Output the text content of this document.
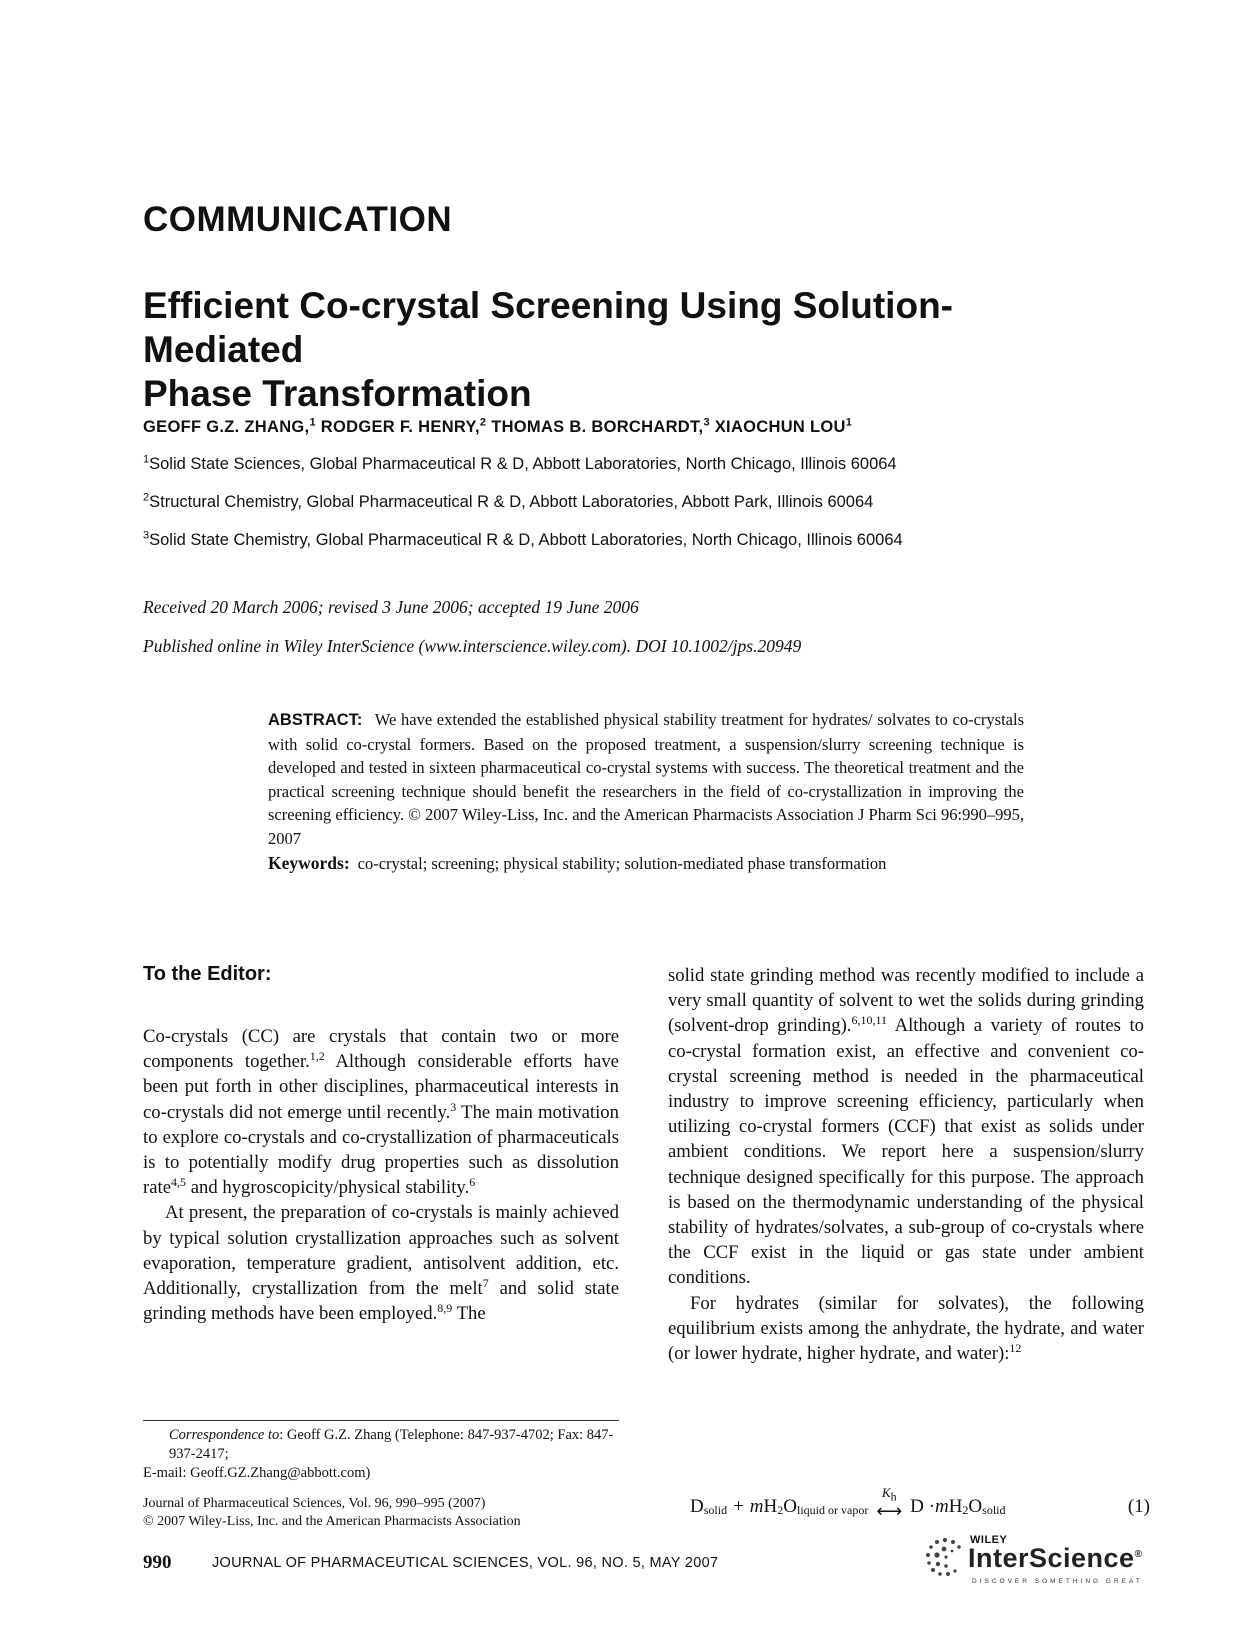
COMMUNICATION
Efficient Co-crystal Screening Using Solution-Mediated
Phase Transformation
GEOFF G.Z. ZHANG,$^1$ RODGER F. HENRY,$^2$ THOMAS B. BORCHARDT,$^3$ XIAOCHUN LOU$^1$
$^1$Solid State Sciences, Global Pharmaceutical R & D, Abbott Laboratories, North Chicago, Illinois 60064
$^2$Structural Chemistry, Global Pharmaceutical R & D, Abbott Laboratories, Abbott Park, Illinois 60064
$^3$Solid State Chemistry, Global Pharmaceutical R & D, Abbott Laboratories, North Chicago, Illinois 60064
Received 20 March 2006; revised 3 June 2006; accepted 19 June 2006
Published online in Wiley InterScience (www.interscience.wiley.com). DOI 10.1002/jps.20949
ABSTRACT: We have extended the established physical stability treatment for hydrates/ solvates to co-crystals with solid co-crystal formers. Based on the proposed treatment, a suspension/slurry screening technique is developed and tested in sixteen pharmaceutical co-crystal systems with success. The theoretical treatment and the practical screening technique should benefit the researchers in the field of co-crystallization in improving the screening efficiency. © 2007 Wiley-Liss, Inc. and the American Pharmacists Association J Pharm Sci 96:990–995, 2007
Keywords: co-crystal; screening; physical stability; solution-mediated phase transformation
To the Editor:

Co-crystals (CC) are crystals that contain two or more components together.$^{1,2}$ Although considerable efforts have been put forth in other disciplines, pharmaceutical interests in co-crystals did not emerge until recently.$^3$ The main motivation to explore co-crystals and co-crystallization of pharmaceuticals is to potentially modify drug properties such as dissolution rate$^{4,5}$ and hygroscopicity/physical stability.$^6$

At present, the preparation of co-crystals is mainly achieved by typical solution crystallization approaches such as solvent evaporation, temperature gradient, antisolvent addition, etc. Additionally, crystallization from the melt$^7$ and solid state grinding methods have been employed.$^{8,9}$ The

solid state grinding method was recently modified to include a very small quantity of solvent to wet the solids during grinding (solvent-drop grinding).$^{6,10,11}$ Although a variety of routes to co-crystal formation exist, an effective and convenient co-crystal screening method is needed in the pharmaceutical industry to improve screening efficiency, particularly when utilizing co-crystal formers (CCF) that exist as solids under ambient conditions. We report here a suspension/slurry technique designed specifically for this purpose. The approach is based on the thermodynamic understanding of the physical stability of hydrates/solvates, a sub-group of co-crystals where the CCF exist in the liquid or gas state under ambient conditions.

For hydrates (similar for solvates), the following equilibrium exists among the anhydrate, the hydrate, and water (or lower hydrate, higher hydrate, and water):$^{12}$

Correspondence to: Geoff G.Z. Zhang (Telephone: 847-937-4702; Fax: 847-937-2417;
E-mail: Geoff.GZ.Zhang@abbott.com)
Journal of Pharmaceutical Sciences, Vol. 96, 990–995 (2007)
© 2007 Wiley-Liss, Inc. and the American Pharmacists Association
D solid + m H 2 O liquid or vapor
$K_h$
⟷ D · m H 2 O solid	(1)
990	JOURNAL OF PHARMACEUTICAL SCIENCES, VOL. 96, NO. 5, MAY 2007
WILEY
InterScience®
DISCOVER SOMETHING GREAT
